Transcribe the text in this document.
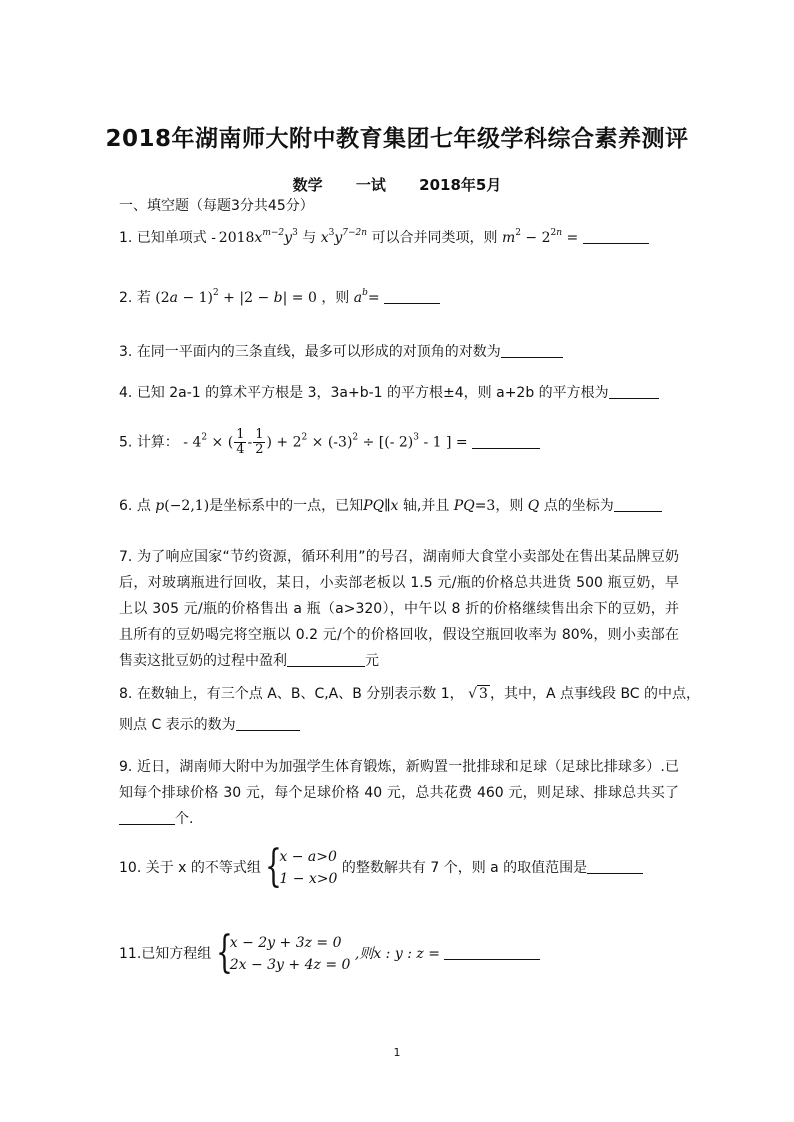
2018年湖南师大附中教育集团七年级学科综合素养测评
数学 一试 2018年5月
一、填空题（每题3分共45分）
1. 已知单项式 - $2018x^{m-2}y^3$ 与 $x^3y^{7-2n}$ 可以合并同类项，则 $m^2 - 2^{2n}$ =
2. 若 $(2a - 1)^2 + |2 - b| = 0$ ，则 $a^b=$
3. 在同一平面内的三条直线，最多可以形成的对顶角的对数为
4. 已知 2a-1 的算术平方根是 3，3a+b-1 的平方根±4，则 a+2b 的平方根为
5. 计算： - $4^2$ × ( $\frac{1}{4} - \frac{1}{2}$ ) + $2^2 \times (-3)^2$ ÷ [(- 2)$^3$ - 1 ] =
6. 点 p(−2,1)是坐标系中的一点，已知PQ∥x 轴,并且 PQ=3，则 Q 点的坐标为
7. 为了响应国家“节约资源，循环利用”的号召，湖南师大食堂小卖部处在售出某品牌豆奶后，对玻璃瓶进行回收，某日，小卖部老板以 1.5 元/瓶的价格总共进货 500 瓶豆奶，早上以 305 元/瓶的价格售出 a 瓶（a>320），中午以 8 折的价格继续售出余下的豆奶，并且所有的豆奶喝完将空瓶以 0.2 元/个的价格回收，假设空瓶回收率为 80%，则小卖部在售卖这批豆奶的过程中盈利	元
8. 在数轴上，有三个点 A、B、C,A、B 分别表示数 1， √ 3 ，其中，A 点事线段 BC 的中点，
则点 C 表示的数为
9. 近日，湖南师大附中为加强学生体育锻炼，新购置一批排球和足球（足球比排球多）.已知每个排球价格 30 元，每个足球价格 40 元，总共花费 460 元，则足球、排球总共买了个.
10. 关于 x 的不等式组 {
x − a>0
1 − x>0
的整数解共有 7 个，则 a 的取值范围是
11.已知方程组 {
x − 2y + 3z = 0
2x − 3y + 4z = 0
,则x : y : z =
1
